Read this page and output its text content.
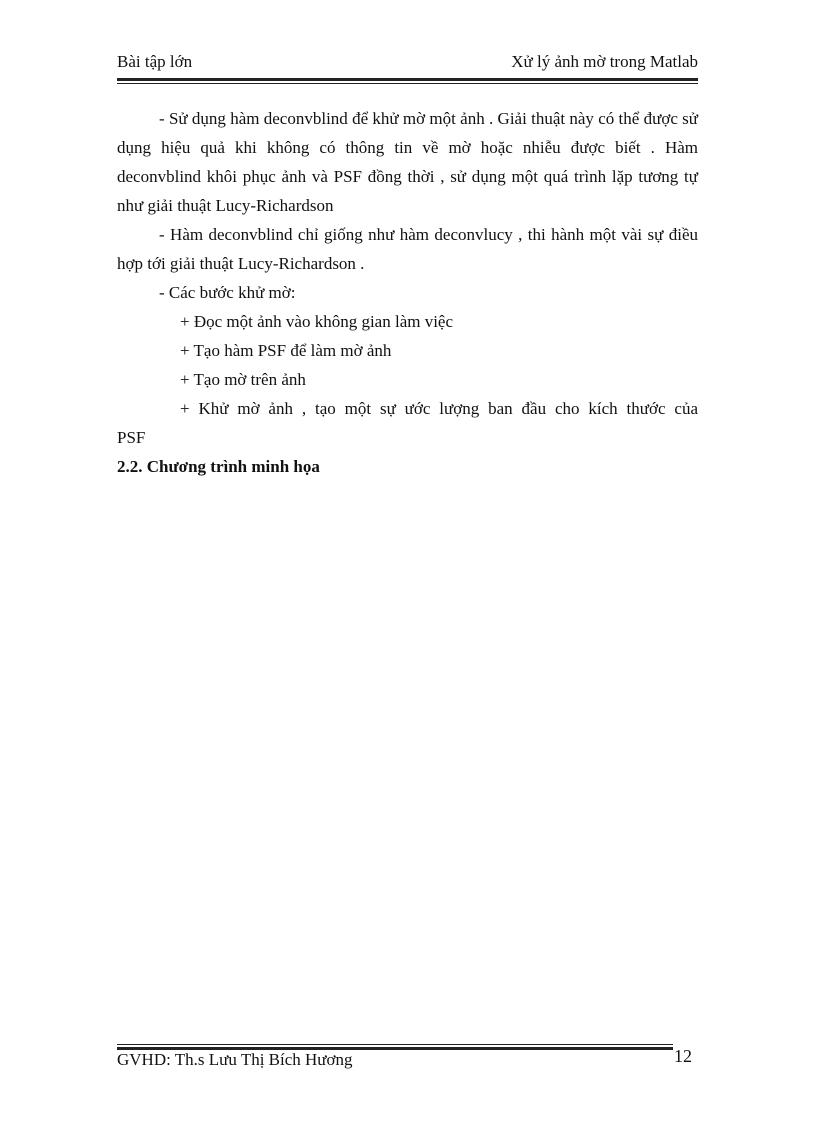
Bài tập lớn	Xử lý ảnh mờ trong Matlab

- Sử dụng hàm deconvblind để khử mờ một ảnh . Giải thuật này có thể được sử dụng hiệu quả khi không có thông tin về mờ hoặc nhiễu được biết . Hàm deconvblind khôi phục ảnh và PSF đồng thời , sử dụng một quá trình lặp tương tự như giải thuật Lucy-Richardson

- Hàm deconvblind chỉ giống như hàm deconvlucy , thi hành một vài sự điều hợp tới giải thuật Lucy-Richardson .

- Các bước khử mờ:

+ Đọc một ảnh vào không gian làm việc

+ Tạo hàm PSF để làm mờ ảnh

+ Tạo mờ trên ảnh

+ Khử mờ ảnh , tạo một sự ước lượng ban đầu cho kích thước của

PSF

2.2. Chương trình minh họa

GVHD: Th.s Lưu Thị Bích Hương	12
